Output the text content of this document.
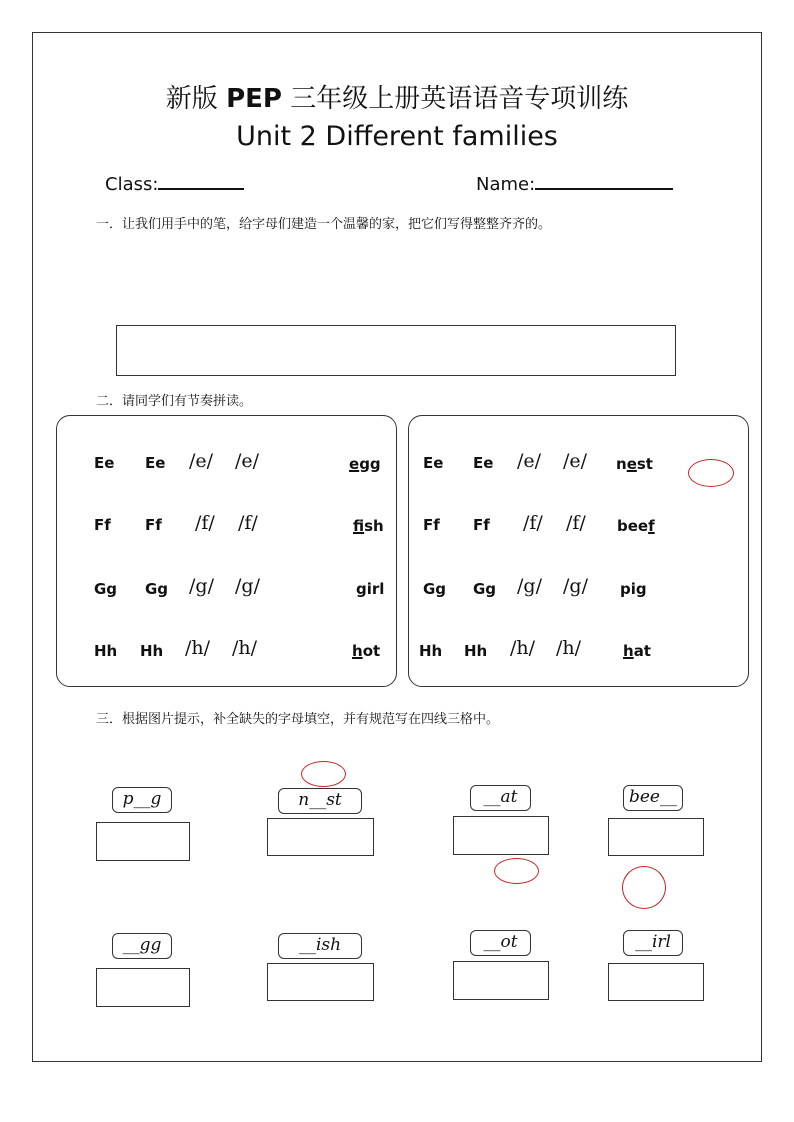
新版 PEP 三年级上册英语语音专项训练
Unit 2 Different families
Class:	Name:
一．让我们用手中的笔，给字母们建造一个温馨的家，把它们写得整整齐齐的。
二．请同学们有节奏拼读。
Ee Ee /e/ /e/	egg
Ff Ff /f/ /f/	fish
Gg Gg /g/ /g/	girl
Hh Hh /h/ /h/	hot
Ee Ee /e/ /e/ nest
Ff Ff /f/ /f/ beef
Gg Gg /g/ /g/ pig
Hh Hh /h/ /h/	hat
三．根据图片提示，补全缺失的字母填空，并有规范写在四线三格中。
p__g	n__st	__at	bee__
__gg	__ish	__ot	__irl
